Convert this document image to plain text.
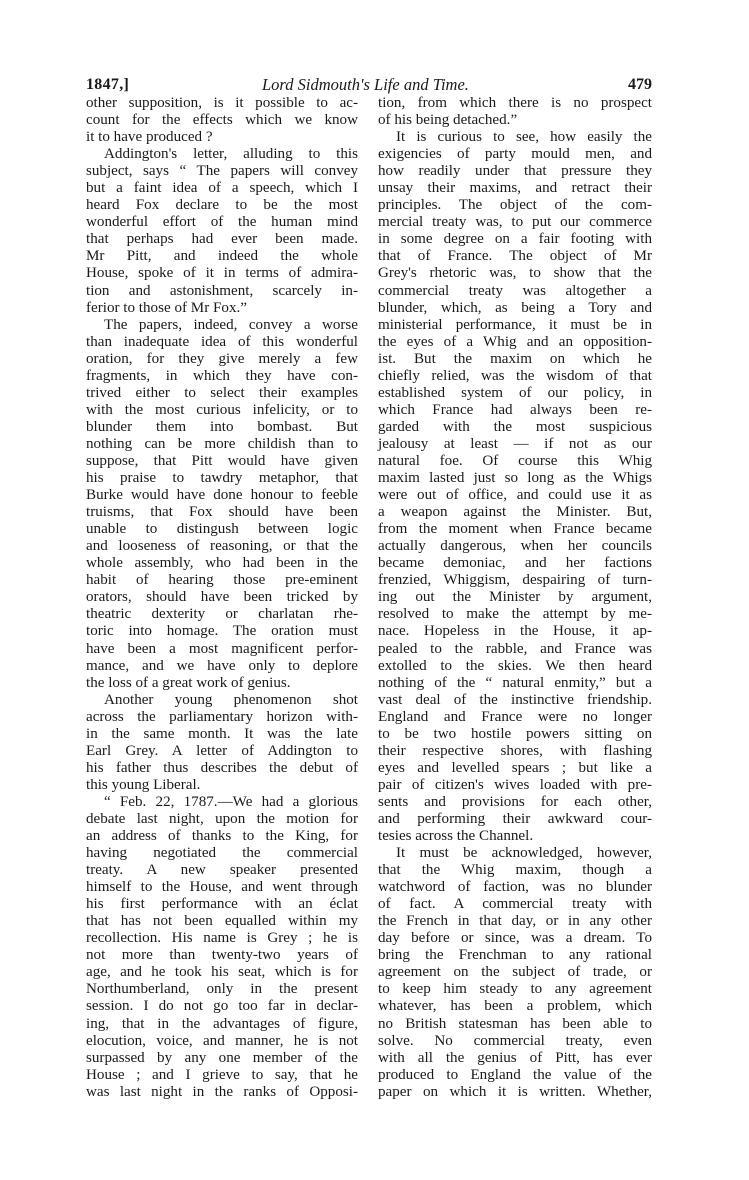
1847,]	Lord Sidmouth's Life and Time.	479
other supposition, is it possible to ac-
count for the effects which we know
it to have produced ?
Addington's letter, alluding to this
subject, says “ The papers will convey
but a faint idea of a speech, which I
heard Fox declare to be the most
wonderful effort of the human mind
that perhaps had ever been made.
Mr Pitt, and indeed the whole
House, spoke of it in terms of admira-
tion and astonishment, scarcely in-
ferior to those of Mr Fox.”
The papers, indeed, convey a worse
than inadequate idea of this wonderful
oration, for they give merely a few
fragments, in which they have con-
trived either to select their examples
with the most curious infelicity, or to
blunder them into bombast. But
nothing can be more childish than to
suppose, that Pitt would have given
his praise to tawdry metaphor, that
Burke would have done honour to feeble
truisms, that Fox should have been
unable to distingush between logic
and looseness of reasoning, or that the
whole assembly, who had been in the
habit of hearing those pre-eminent
orators, should have been tricked by
theatric dexterity or charlatan rhe-
toric into homage. The oration must
have been a most magnificent perfor-
mance, and we have only to deplore
the loss of a great work of genius.
Another young phenomenon shot
across the parliamentary horizon with-
in the same month. It was the late
Earl Grey. A letter of Addington to
his father thus describes the debut of
this young Liberal.
“ Feb. 22, 1787.—We had a glorious
debate last night, upon the motion for
an address of thanks to the King, for
having negotiated the commercial
treaty. A new speaker presented
himself to the House, and went through
his first performance with an éclat
that has not been equalled within my
recollection. His name is Grey ; he is
not more than twenty-two years of
age, and he took his seat, which is for
Northumberland, only in the present
session. I do not go too far in declar-
ing, that in the advantages of figure,
elocution, voice, and manner, he is not
surpassed by any one member of the
House ; and I grieve to say, that he
was last night in the ranks of Opposi-
tion, from which there is no prospect
of his being detached.”
It is curious to see, how easily the
exigencies of party mould men, and
how readily under that pressure they
unsay their maxims, and retract their
principles. The object of the com-
mercial treaty was, to put our commerce
in some degree on a fair footing with
that of France. The object of Mr
Grey's rhetoric was, to show that the
commercial treaty was altogether a
blunder, which, as being a Tory and
ministerial performance, it must be in
the eyes of a Whig and an opposition-
ist. But the maxim on which he
chiefly relied, was the wisdom of that
established system of our policy, in
which France had always been re-
garded with the most suspicious
jealousy at least — if not as our
natural foe. Of course this Whig
maxim lasted just so long as the Whigs
were out of office, and could use it as
a weapon against the Minister. But,
from the moment when France became
actually dangerous, when her councils
became demoniac, and her factions
frenzied, Whiggism, despairing of turn-
ing out the Minister by argument,
resolved to make the attempt by me-
nace. Hopeless in the House, it ap-
pealed to the rabble, and France was
extolled to the skies. We then heard
nothing of the “ natural enmity,” but a
vast deal of the instinctive friendship.
England and France were no longer
to be two hostile powers sitting on
their respective shores, with flashing
eyes and levelled spears ; but like a
pair of citizen's wives loaded with pre-
sents and provisions for each other,
and performing their awkward cour-
tesies across the Channel.
It must be acknowledged, however,
that the Whig maxim, though a
watchword of faction, was no blunder
of fact. A commercial treaty with
the French in that day, or in any other
day before or since, was a dream. To
bring the Frenchman to any rational
agreement on the subject of trade, or
to keep him steady to any agreement
whatever, has been a problem, which
no British statesman has been able to
solve. No commercial treaty, even
with all the genius of Pitt, has ever
produced to England the value of the
paper on which it is written. Whether,
